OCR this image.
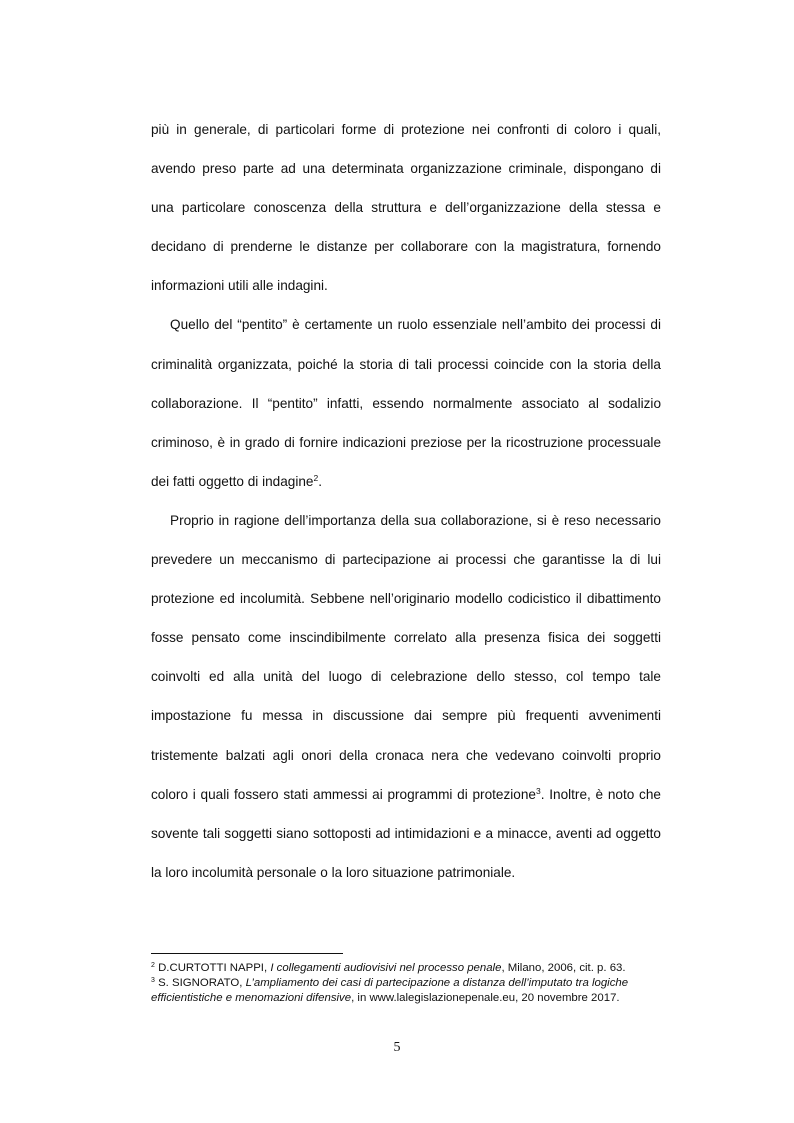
più in generale, di particolari forme di protezione nei confronti di coloro i quali, avendo preso parte ad una determinata organizzazione criminale, dispongano di una particolare conoscenza della struttura e dell’organizzazione della stessa e decidano di prenderne le distanze per collaborare con la magistratura, fornendo informazioni utili alle indagini.

Quello del “pentito” è certamente un ruolo essenziale nell’ambito dei processi di criminalità organizzata, poiché la storia di tali processi coincide con la storia della collaborazione. Il “pentito” infatti, essendo normalmente associato al sodalizio criminoso, è in grado di fornire indicazioni preziose per la ricostruzione processuale dei fatti oggetto di indagine$^2$.

Proprio in ragione dell’importanza della sua collaborazione, si è reso necessario prevedere un meccanismo di partecipazione ai processi che garantisse la di lui protezione ed incolumità. Sebbene nell’originario modello codicistico il dibattimento fosse pensato come inscindibilmente correlato alla presenza fisica dei soggetti coinvolti ed alla unità del luogo di celebrazione dello stesso, col tempo tale impostazione fu messa in discussione dai sempre più frequenti avvenimenti tristemente balzati agli onori della cronaca nera che vedevano coinvolti proprio coloro i quali fossero stati ammessi ai programmi di protezione$^3$. Inoltre, è noto che sovente tali soggetti siano sottoposti ad intimidazioni e a minacce, aventi ad oggetto la loro incolumità personale o la loro situazione patrimoniale.

$^2$ D.CURTOTTI NAPPI, I collegamenti audiovisivi nel processo penale, Milano, 2006, cit. p. 63.

$^3$ S. SIGNORATO, L’ampliamento dei casi di partecipazione a distanza dell’imputato tra logiche efficientistiche e menomazioni difensive, in www.lalegislazionepenale.eu, 20 novembre 2017.

5
